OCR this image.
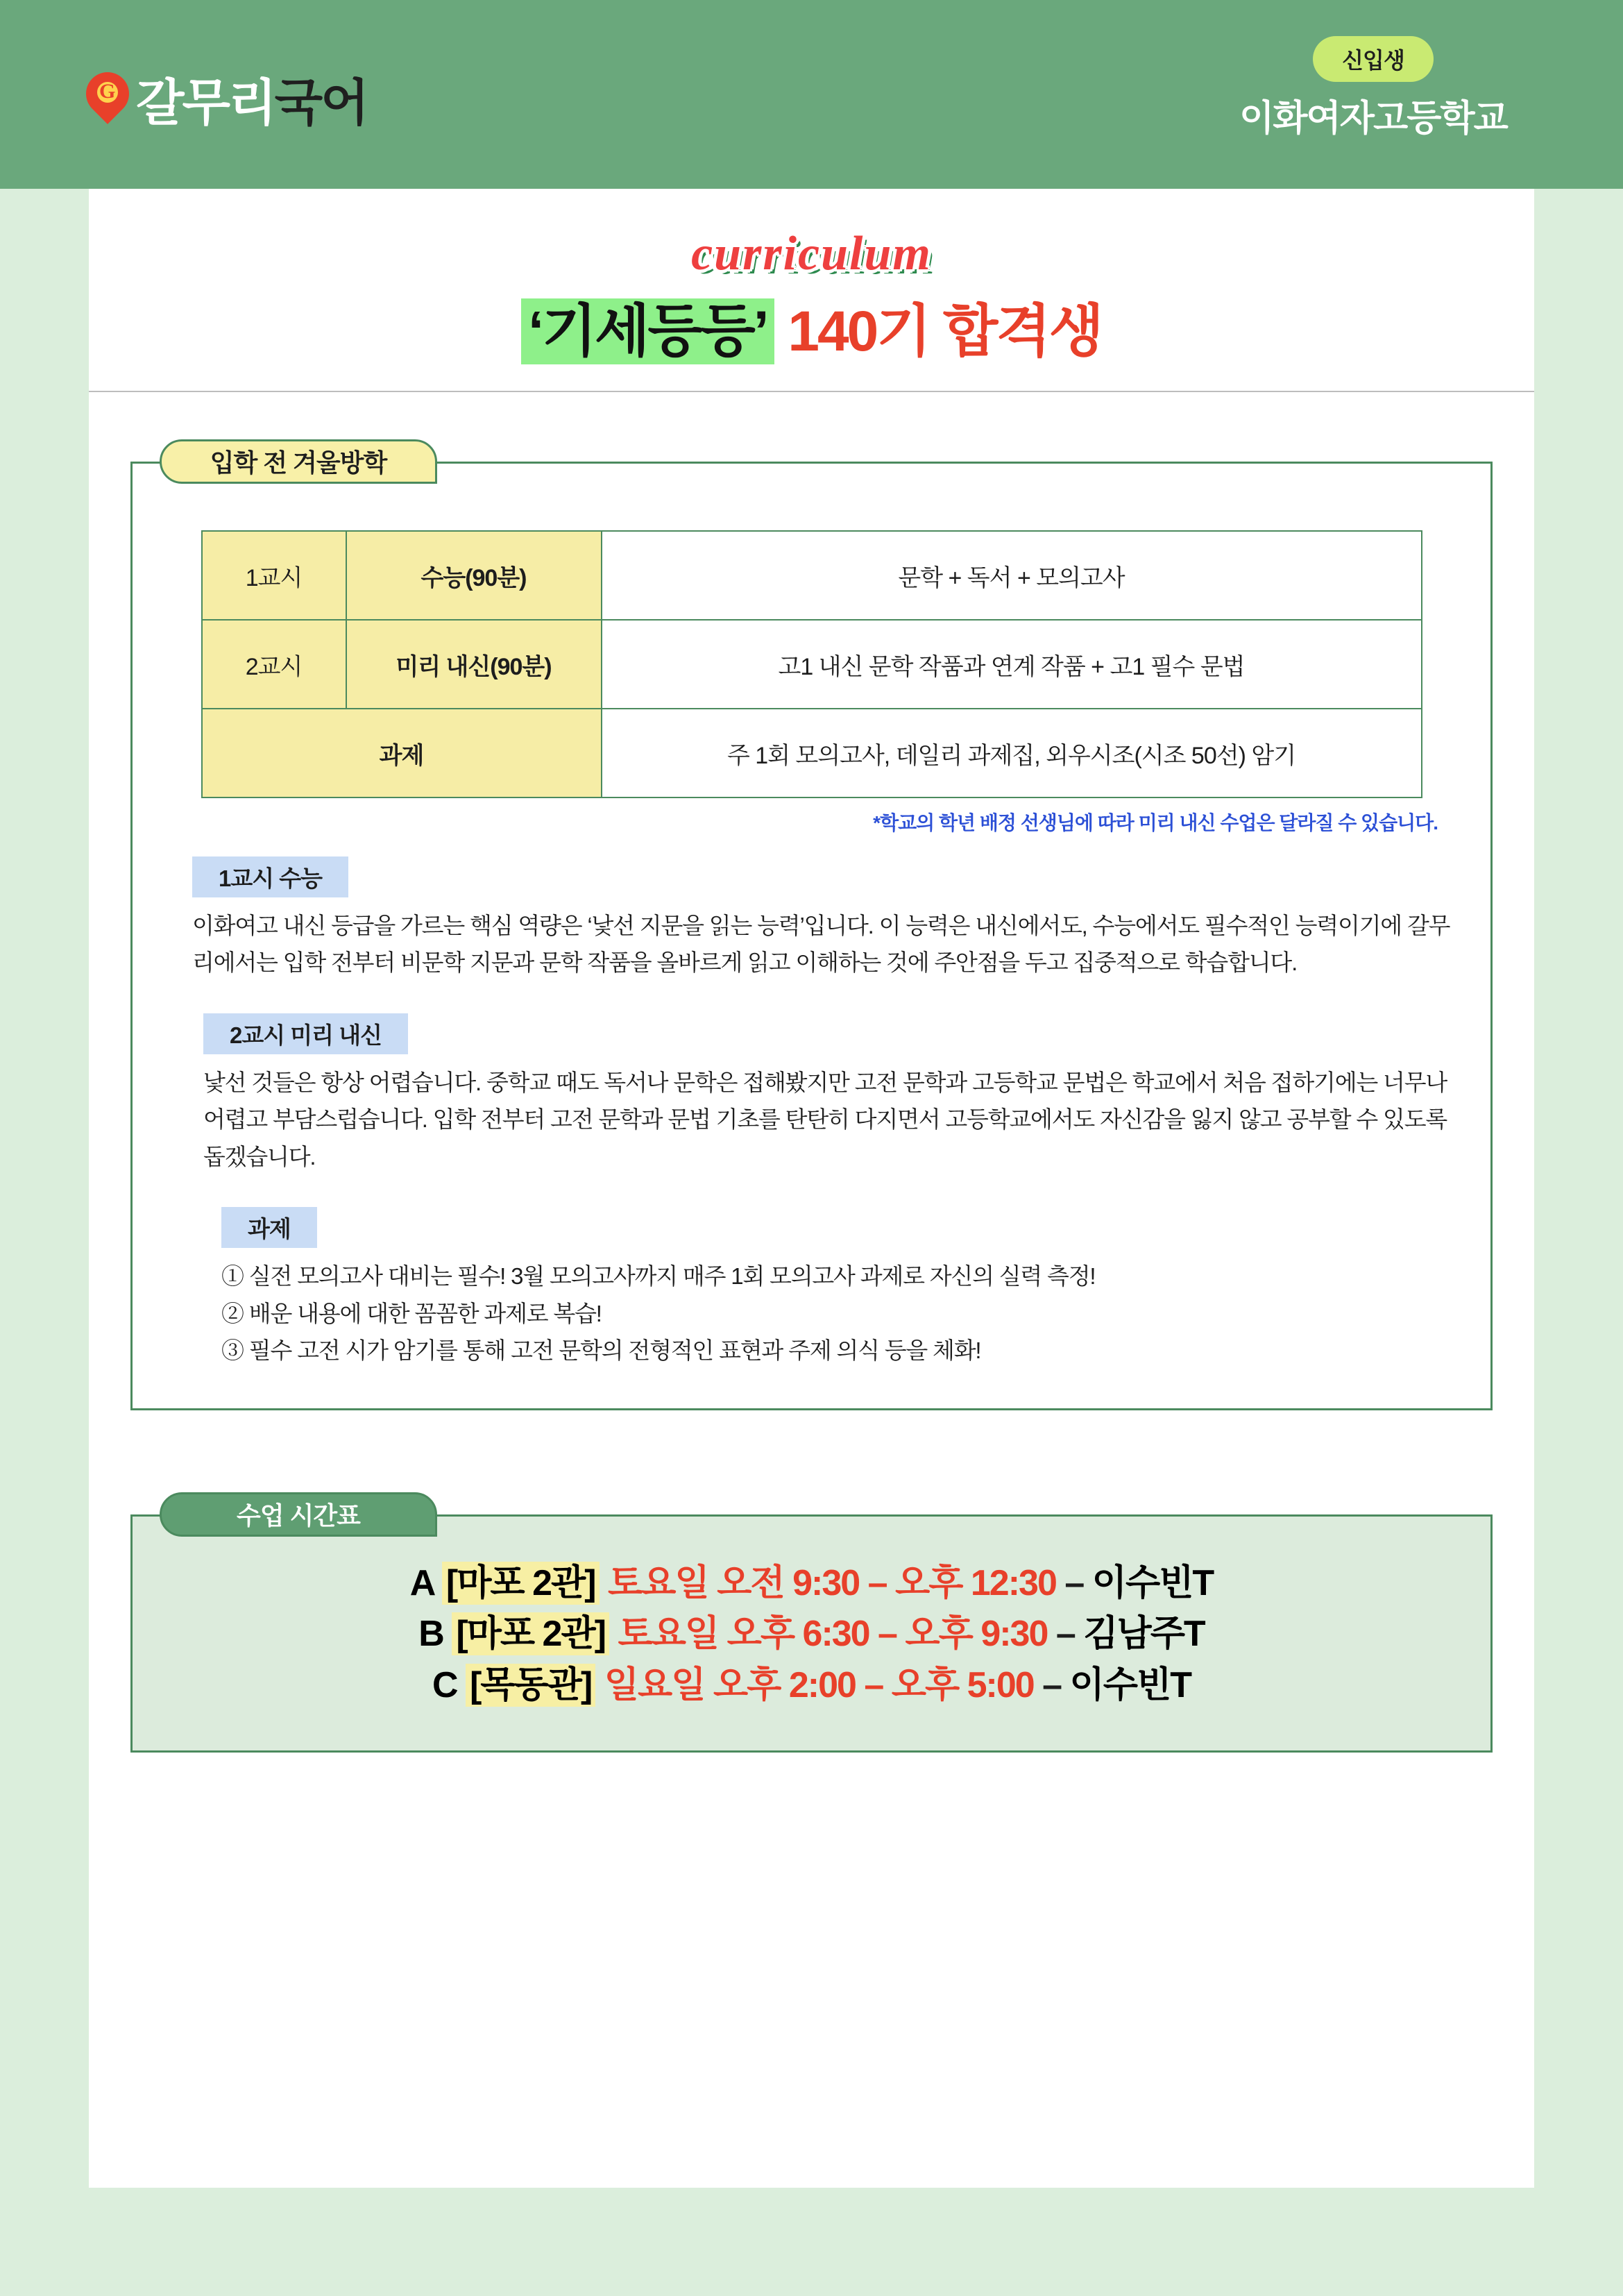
G 갈무리국어
신입생
이화여자고등학교
curriculum
‘기세등등’ 140기 합격생
입학 전 겨울방학
1교시	수능(90분)	문학 + 독서 + 모의고사
2교시	미리 내신(90분)	고1 내신 문학 작품과 연계 작품 + 고1 필수 문법
과제		주 1회 모의고사, 데일리 과제집, 외우시조(시조 50선) 암기
*학교의 학년 배정 선생님에 따라 미리 내신 수업은 달라질 수 있습니다.
1교시 수능
이화여고 내신 등급을 가르는 핵심 역량은 ‘낯선 지문을 읽는 능력’입니다. 이 능력은 내신에서도, 수능에서도 필수적인 능력이기에 갈무리에서는 입학 전부터 비문학 지문과 문학 작품을 올바르게 읽고 이해하는 것에 주안점을 두고 집중적으로 학습합니다.
2교시 미리 내신
낯선 것들은 항상 어렵습니다. 중학교 때도 독서나 문학은 접해봤지만 고전 문학과 고등학교 문법은 학교에서 처음 접하기에는 너무나 어렵고 부담스럽습니다. 입학 전부터 고전 문학과 문법 기초를 탄탄히 다지면서 고등학교에서도 자신감을 잃지 않고 공부할 수 있도록 돕겠습니다.
과제
① 실전 모의고사 대비는 필수! 3월 모의고사까지 매주 1회 모의고사 과제로 자신의 실력 측정!
② 배운 내용에 대한 꼼꼼한 과제로 복습!
③ 필수 고전 시가 암기를 통해 고전 문학의 전형적인 표현과 주제 의식 등을 체화!
수업 시간표
A [마포 2관] 토요일 오전 9:30 – 오후 12:30 – 이수빈T
B [마포 2관] 토요일 오후 6:30 – 오후 9:30 – 김남주T
C [목동관] 일요일 오후 2:00 – 오후 5:00 – 이수빈T
